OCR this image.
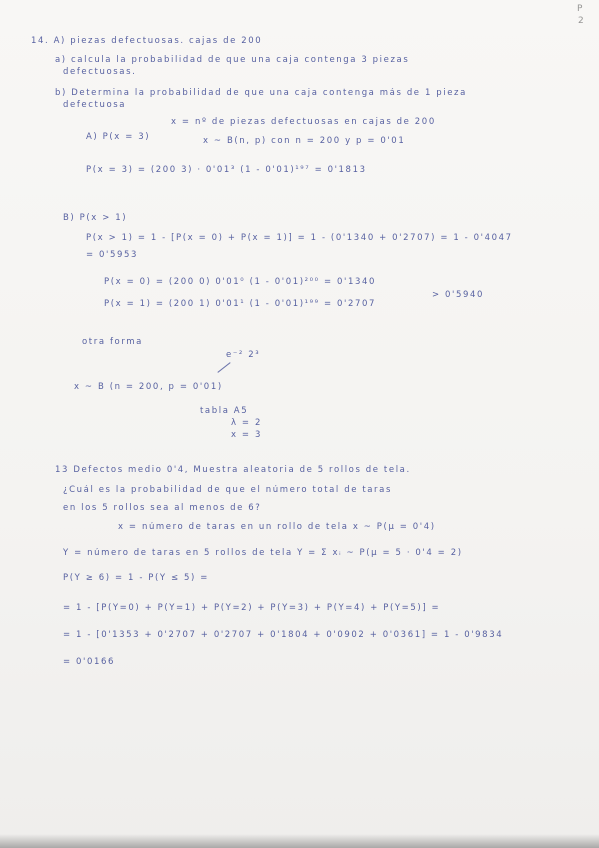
P
2
14. A) piezas defectuosas. cajas de 200
a) calcula la probabilidad de que una caja contenga 3 piezas
defectuosas.
b) Determina la probabilidad de que una caja contenga más de 1 pieza
defectuosa
x = nº de piezas defectuosas en cajas de 200
A) P(x = 3)	x ~ B(n, p) con n = 200 y p = 0'01
P(x = 3) = (200 3) · 0'01³ (1 - 0'01)¹⁹⁷ = 0'1813
B) P(x > 1)
P(x > 1) = 1 - [P(x = 0) + P(x = 1)] = 1 - (0'1340 + 0'2707) = 1 - 0'4047
= 0'5953
P(x = 0) = (200 0) 0'01⁰ (1 - 0'01)²⁰⁰ = 0'1340
P(x = 1) = (200 1) 0'01¹ (1 - 0'01)¹⁹⁹ = 0'2707
> 0'5940
otra forma
e⁻² 2³
x ~ B (n = 200, p = 0'01)
tabla A5
λ = 2
x = 3
13 Defectos medio 0'4, Muestra aleatoria de 5 rollos de tela.
¿Cuál es la probabilidad de que el número total de taras
en los 5 rollos sea al menos de 6?
x = número de taras en un rollo de tela x ~ P(μ = 0'4)
Y = número de taras en 5 rollos de tela Y = Σ xᵢ ~ P(μ = 5 · 0'4 = 2)
P(Y ≥ 6) = 1 - P(Y ≤ 5) =
= 1 - [P(Y=0) + P(Y=1) + P(Y=2) + P(Y=3) + P(Y=4) + P(Y=5)] =
= 1 - [0'1353 + 0'2707 + 0'2707 + 0'1804 + 0'0902 + 0'0361] = 1 - 0'9834
= 0'0166
